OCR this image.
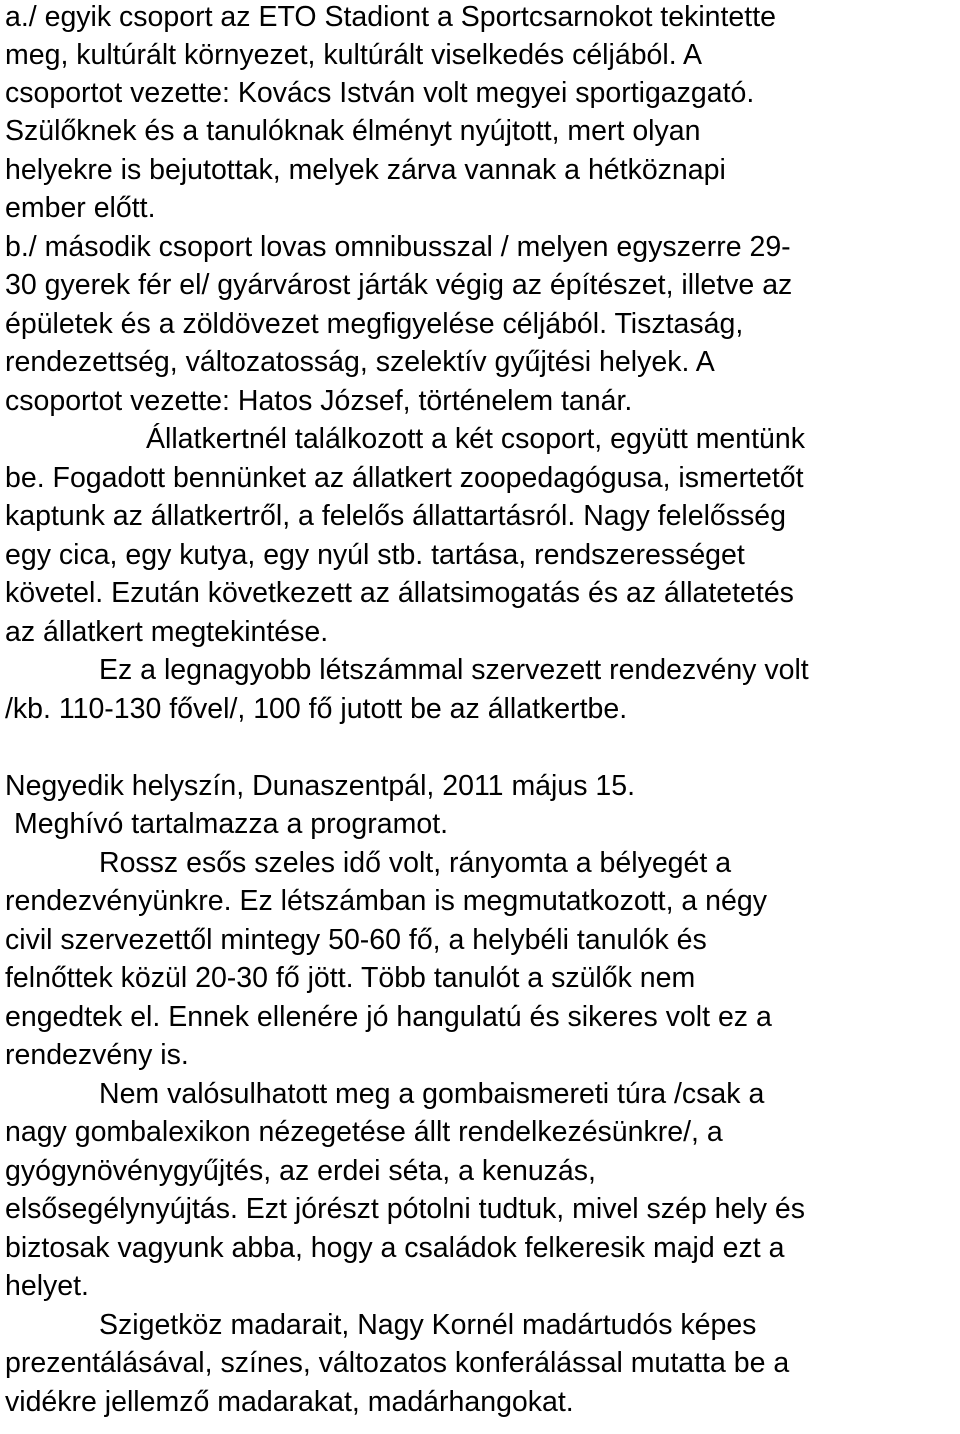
a./ egyik csoport az ETO Stadiont a Sportcsarnokot tekintette
meg, kultúrált környezet, kultúrált viselkedés céljából. A
csoportot vezette: Kovács István volt megyei sportigazgató.
Szülőknek és a tanulóknak élményt nyújtott, mert olyan
helyekre is bejutottak, melyek zárva vannak a hétköznapi
ember előtt.
b./ második csoport lovas omnibusszal / melyen egyszerre 29-
30 gyerek fér el/ gyárvárost járták végig az építészet, illetve az
épületek és a zöldövezet megfigyelése céljából. Tisztaság,
rendezettség, változatosság, szelektív gyűjtési helyek. A
csoportot vezette: Hatos József, történelem tanár.
Állatkertnél találkozott a két csoport, együtt mentünk
be. Fogadott bennünket az állatkert zoopedagógusa, ismertetőt
kaptunk az állatkertről, a felelős állattartásról. Nagy felelősség
egy cica, egy kutya, egy nyúl stb. tartása, rendszerességet
követel. Ezután következett az állatsimogatás és az állatetetés
az állatkert megtekintése.
Ez a legnagyobb létszámmal szervezett rendezvény volt
/kb. 110-130 fővel/, 100 fő jutott be az állatkertbe.
Negyedik helyszín, Dunaszentpál, 2011 május 15.
Meghívó tartalmazza a programot.
Rossz esős szeles idő volt, rányomta a bélyegét a
rendezvényünkre. Ez létszámban is megmutatkozott, a négy
civil szervezettől mintegy 50-60 fő, a helybéli tanulók és
felnőttek közül 20-30 fő jött. Több tanulót a szülők nem
engedtek el. Ennek ellenére jó hangulatú és sikeres volt ez a
rendezvény is.
Nem valósulhatott meg a gombaismereti túra /csak a
nagy gombalexikon nézegetése állt rendelkezésünkre/, a
gyógynövénygyűjtés, az erdei séta, a kenuzás,
elsősegélynyújtás. Ezt jórészt pótolni tudtuk, mivel szép hely és
biztosak vagyunk abba, hogy a családok felkeresik majd ezt a
helyet.
Szigetköz madarait, Nagy Kornél madártudós képes
prezentálásával, színes, változatos konferálással mutatta be a
vidékre jellemző madarakat, madárhangokat.
